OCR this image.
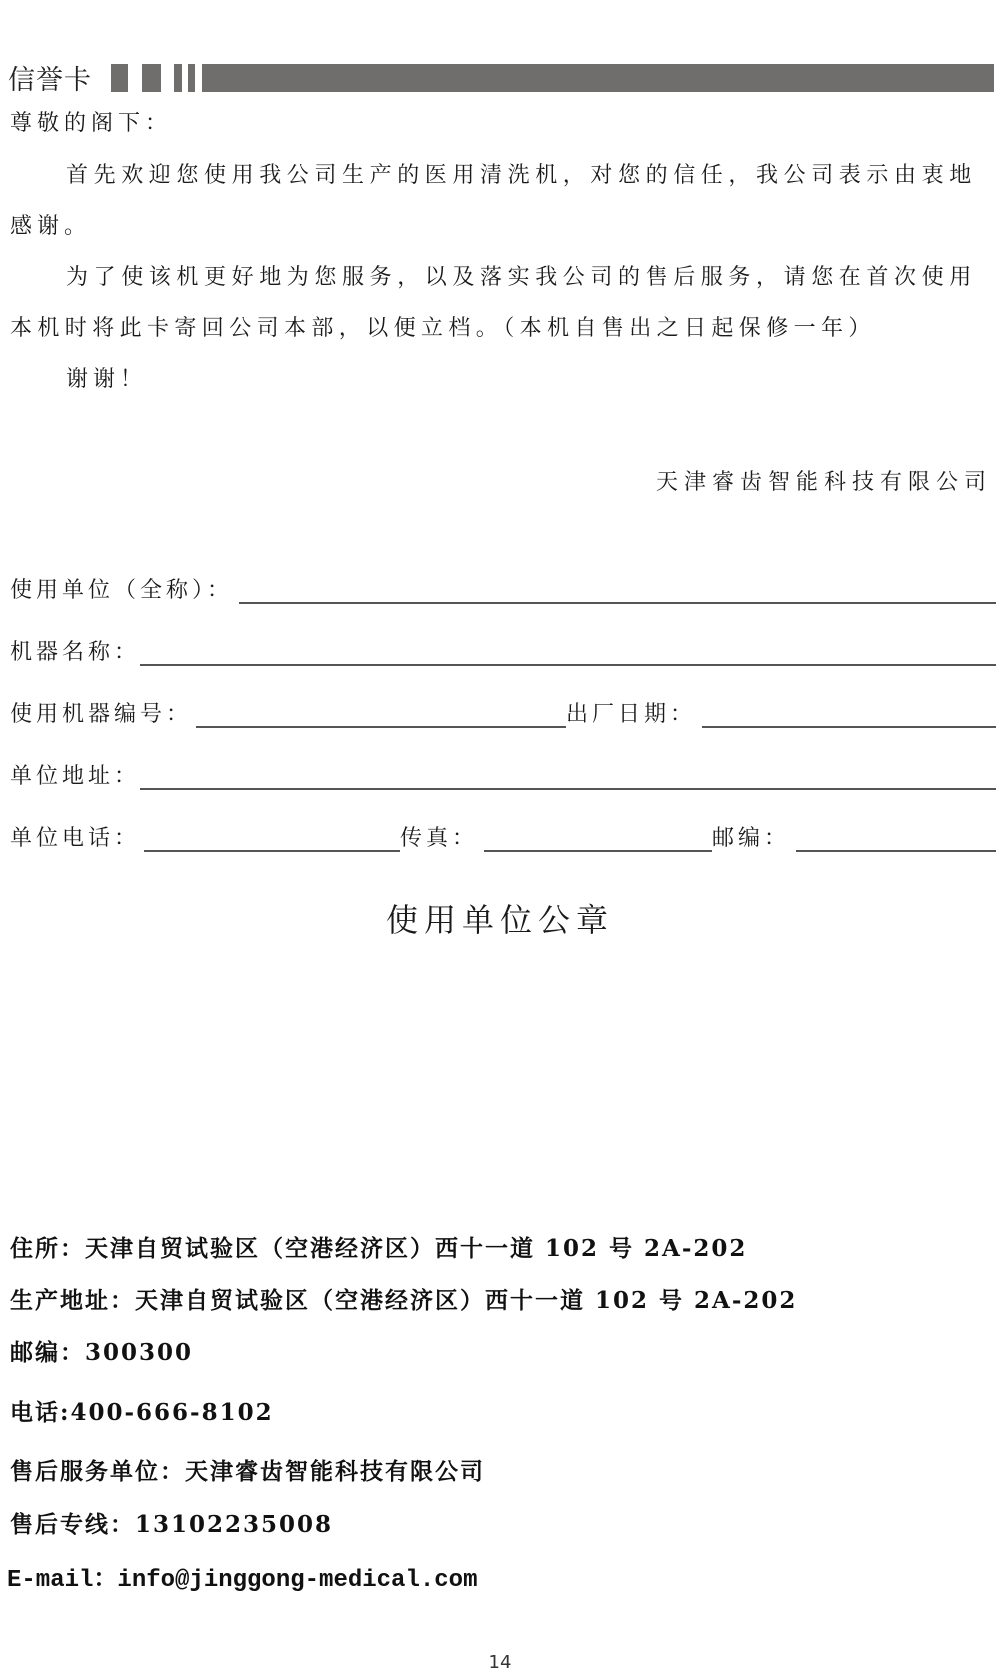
信誉卡
尊敬的阁下：
首先欢迎您使用我公司生产的医用清洗机，对您的信任，我公司表示由衷地
感谢。
为了使该机更好地为您服务，以及落实我公司的售后服务，请您在首次使用
本机时将此卡寄回公司本部，以便立档。（本机自售出之日起保修一年）
谢谢！
天津睿齿智能科技有限公司
使用单位（全称）：
机器名称：
使用机器编号：	出厂日期：
单位地址：
单位电话：	传真：	邮编：
使用单位公章
住所：天津自贸试验区（空港经济区）西十一道 102 号 2A-202
生产地址：天津自贸试验区（空港经济区）西十一道 102 号 2A-202
邮编：300300
电话:400-666-8102
售后服务单位：天津睿齿智能科技有限公司
售后专线：13102235008
E-mail：info@jinggong-medical.com
14
